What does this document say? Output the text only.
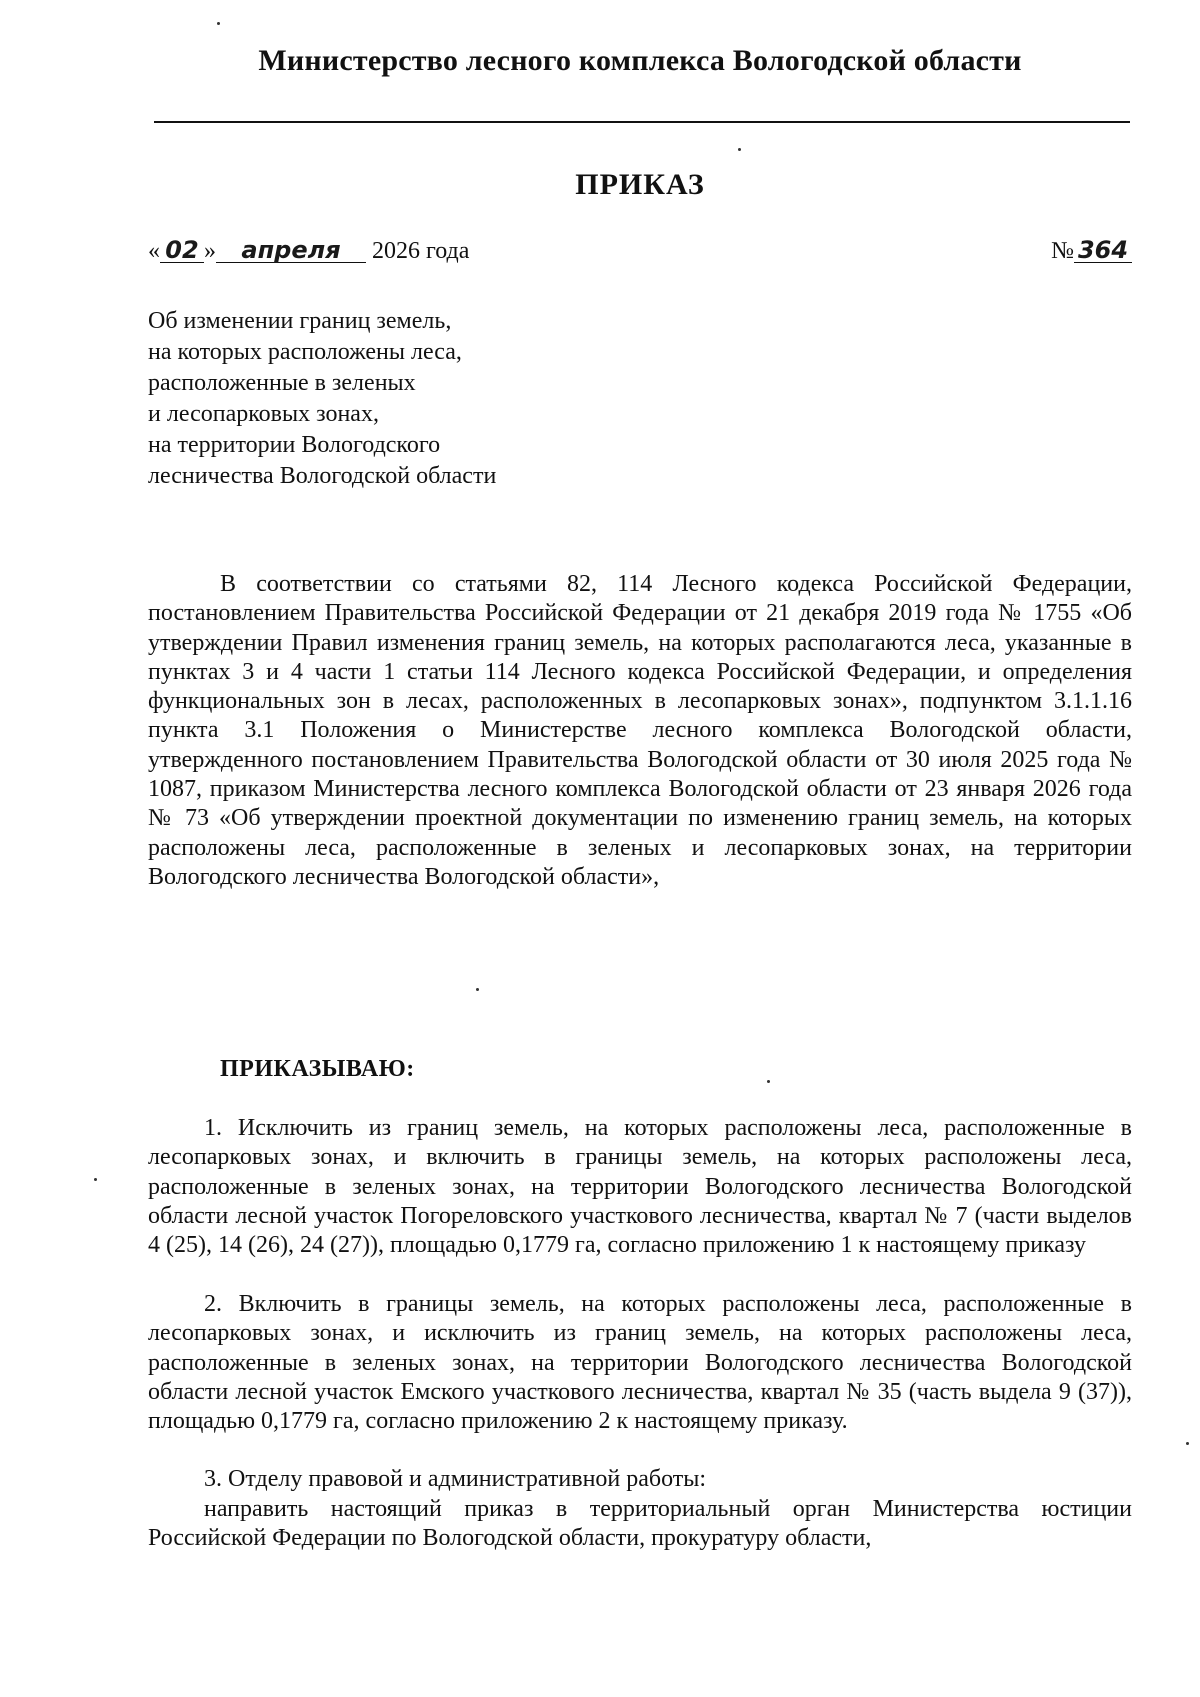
Министерство лесного комплекса Вологодской области
ПРИКАЗ
« 02 » апреля 2026 года	№ 364
Об изменении границ земель,
на которых расположены леса,
расположенные в зеленых
и лесопарковых зонах,
на территории Вологодского
лесничества Вологодской области
В соответствии со статьями 82, 114 Лесного кодекса Российской Федерации, постановлением Правительства Российской Федерации от 21 декабря 2019 года № 1755 «Об утверждении Правил изменения границ земель, на которых располагаются леса, указанные в пунктах 3 и 4 части 1 статьи 114 Лесного кодекса Российской Федерации, и определения функциональных зон в лесах, расположенных в лесопарковых зонах», подпунктом 3.1.1.16 пункта 3.1 Положения о Министерстве лесного комплекса Вологодской области, утвержденного постановлением Правительства Вологодской области от 30 июля 2025 года № 1087, приказом Министерства лесного комплекса Вологодской области от 23 января 2026 года № 73 «Об утверждении проектной документации по изменению границ земель, на которых расположены леса, расположенные в зеленых и лесопарковых зонах, на территории Вологодского лесничества Вологодской области»,
ПРИКАЗЫВАЮ:
1. Исключить из границ земель, на которых расположены леса, расположенные в лесопарковых зонах, и включить в границы земель, на которых расположены леса, расположенные в зеленых зонах, на территории Вологодского лесничества Вологодской области лесной участок Погореловского участкового лесничества, квартал № 7 (части выделов 4 (25), 14 (26), 24 (27)), площадью 0,1779 га, согласно приложению 1 к настоящему приказу
2. Включить в границы земель, на которых расположены леса, расположенные в лесопарковых зонах, и исключить из границ земель, на которых расположены леса, расположенные в зеленых зонах, на территории Вологодского лесничества Вологодской области лесной участок Емского участкового лесничества, квартал № 35 (часть выдела 9 (37)), площадью 0,1779 га, согласно приложению 2 к настоящему приказу.
3. Отделу правовой и административной работы:
направить настоящий приказ в территориальный орган Министерства юстиции Российской Федерации по Вологодской области, прокуратуру области,
